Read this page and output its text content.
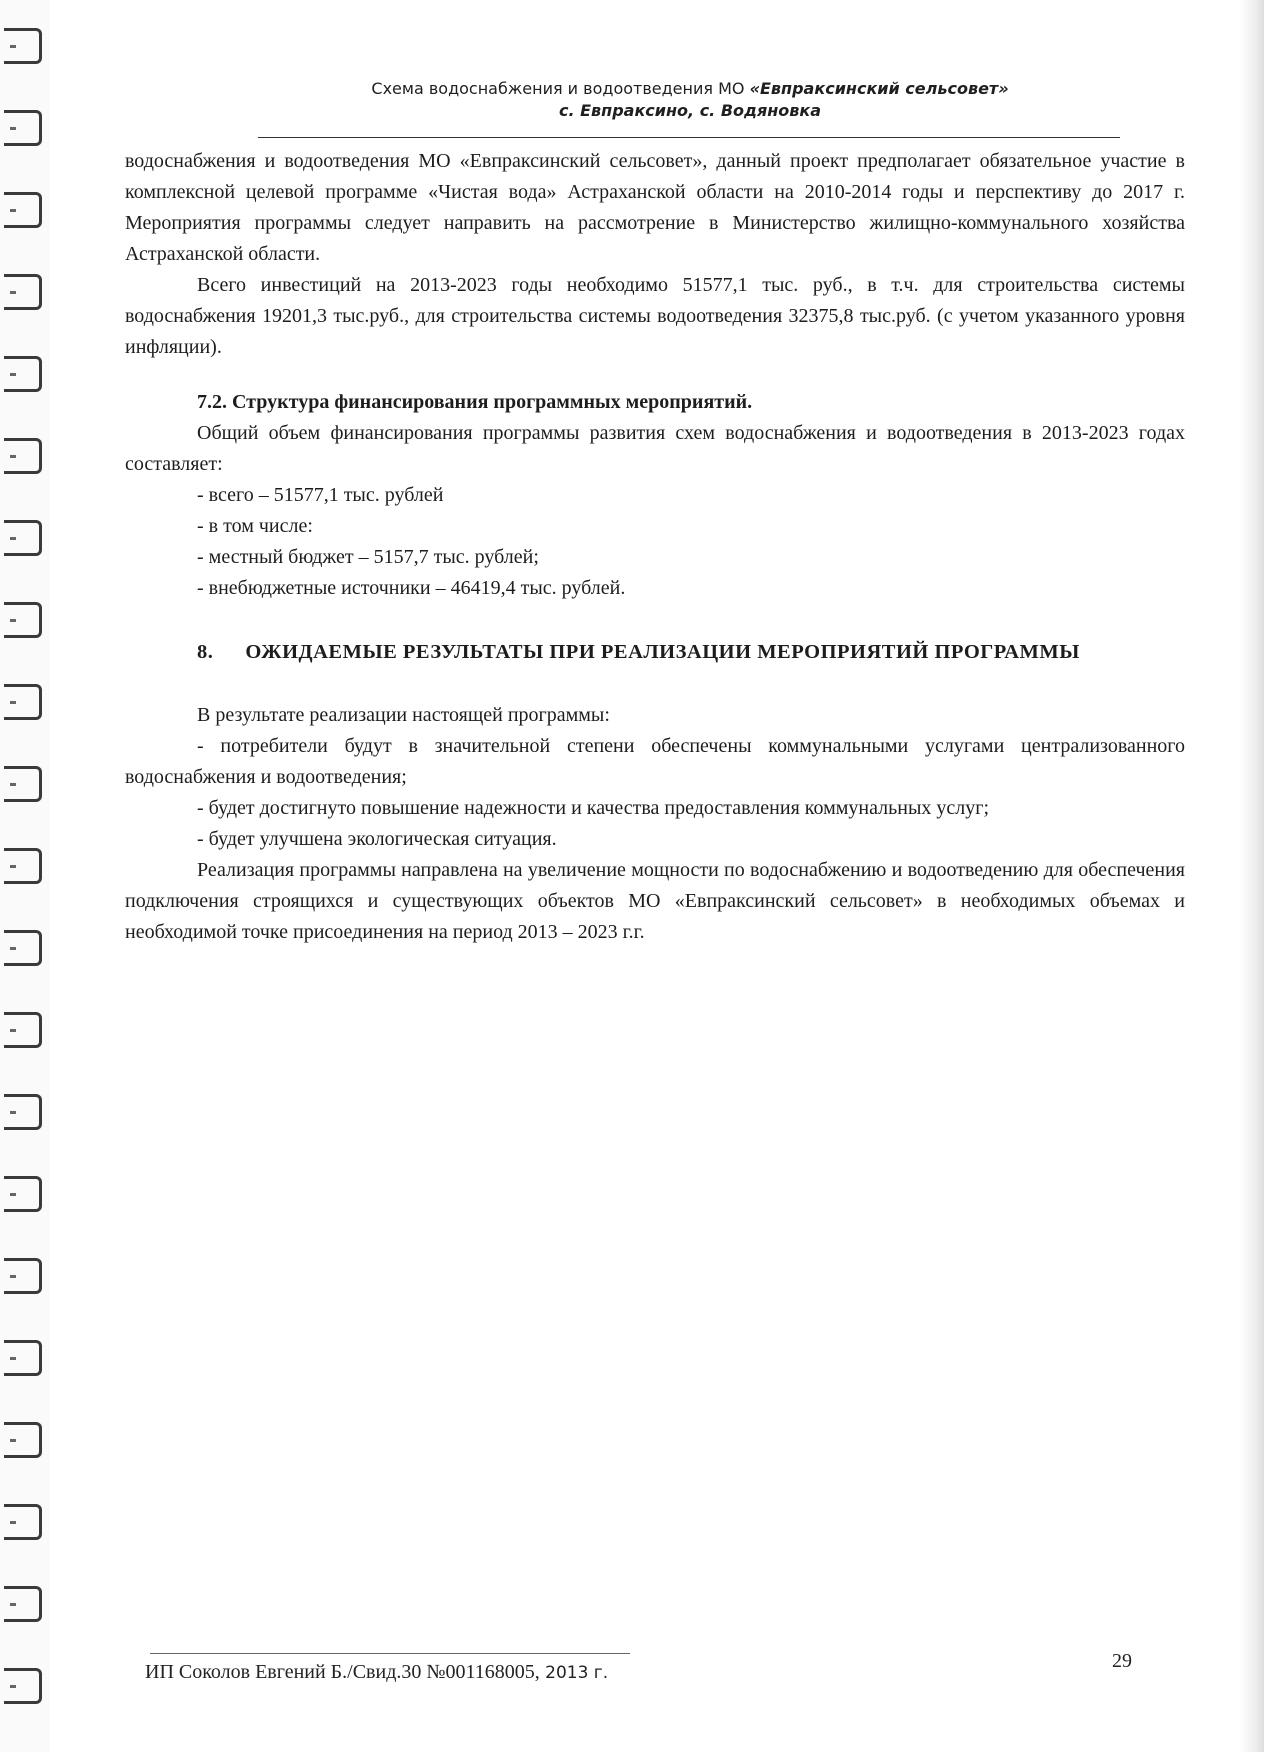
Схема водоснабжения и водоотведения МО «Евпраксинский сельсовет»
с. Евпраксино, с. Водяновка

водоснабжения и водоотведения МО «Евпраксинский сельсовет», данный проект предполагает обязательное участие в комплексной целевой программе «Чистая вода» Астраханской области на 2010-2014 годы и перспективу до 2017 г. Мероприятия программы следует направить на рассмотрение в Министерство жилищно-коммунального хозяйства Астраханской области.

Всего инвестиций на 2013-2023 годы необходимо 51577,1 тыс. руб., в т.ч. для строительства системы водоснабжения 19201,3 тыс.руб., для строительства системы водоотведения 32375,8 тыс.руб. (с учетом указанного уровня инфляции).

7.2. Структура финансирования программных мероприятий.

Общий объем финансирования программы развития схем водоснабжения и водоотведения в 2013-2023 годах составляет:

- всего – 51577,1 тыс. рублей

- в том числе:

- местный бюджет – 5157,7 тыс. рублей;

- внебюджетные источники – 46419,4 тыс. рублей.

8. ОЖИДАЕМЫЕ РЕЗУЛЬТАТЫ ПРИ РЕАЛИЗАЦИИ МЕРОПРИЯТИЙ ПРОГРАММЫ

В результате реализации настоящей программы:

- потребители будут в значительной степени обеспечены коммунальными услугами централизованного водоснабжения и водоотведения;

- будет достигнуто повышение надежности и качества предоставления коммунальных услуг;

- будет улучшена экологическая ситуация.

Реализация программы направлена на увеличение мощности по водоснабжению и водоотведению для обеспечения подключения строящихся и существующих объектов МО «Евпраксинский сельсовет» в необходимых объемах и необходимой точке присоединения на период 2013 – 2023 г.г.

ИП Соколов Евгений Б./Свид.30 №001168005, 2013 г.
29
